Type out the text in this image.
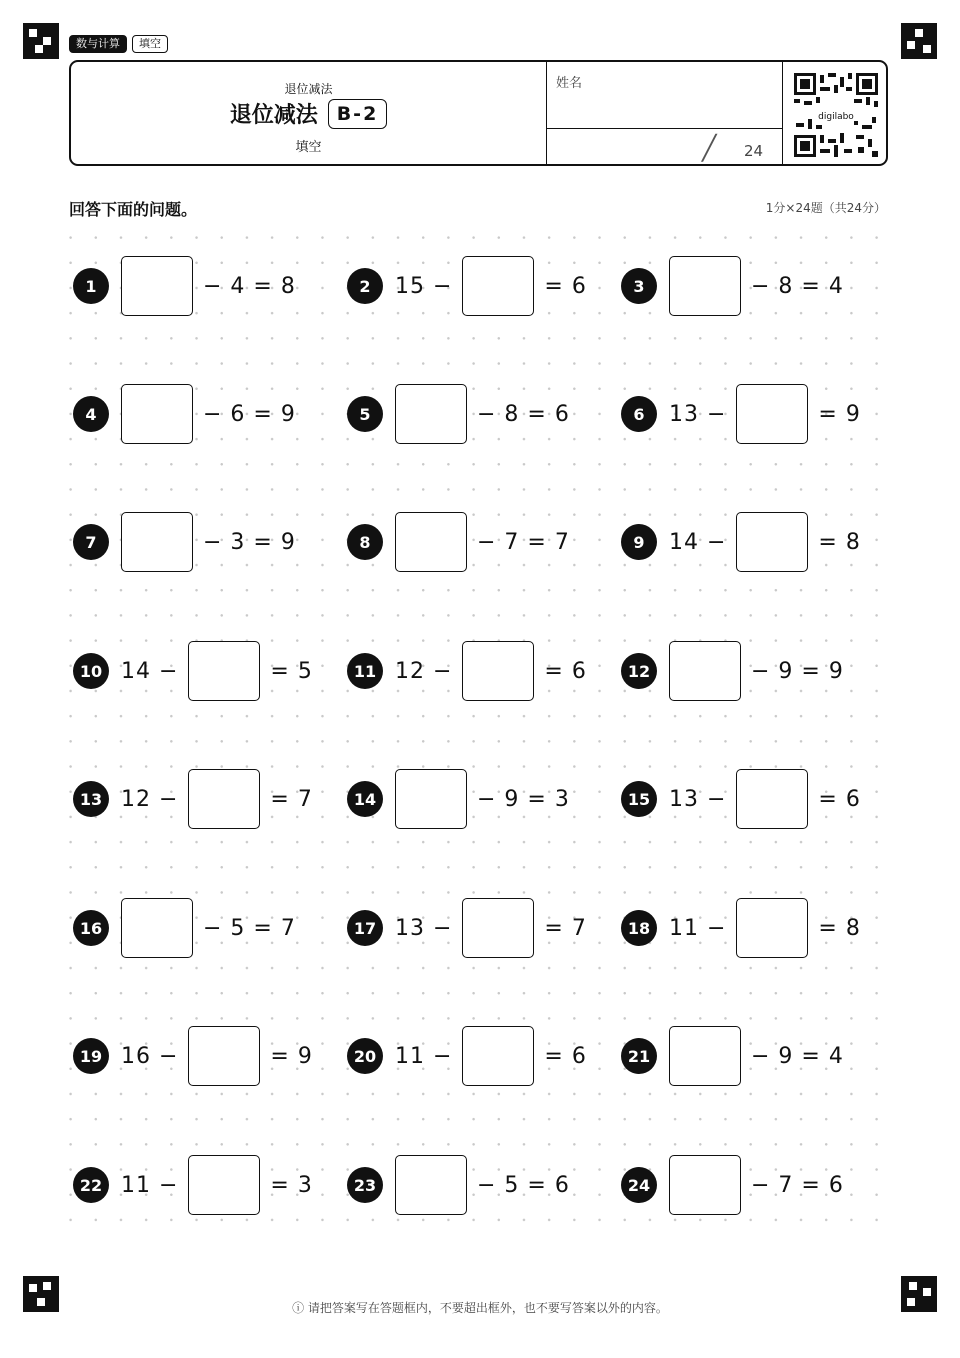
数与计算	填空
退位减法
退位减法	B-2
填空
姓名
╱ 24
digilabo
回答下面的问题。	1分×24题（共24分）
1	− 4 = 8	2	15 −	= 6	3	− 8 = 4
4	− 6 = 9	5	− 8 = 6	6	13 −	= 9
7	− 3 = 9	8	− 7 = 7	9	14 −	= 8
10 14 −	= 5	11 12 −	= 6	12	− 9 = 9
13 12 −	= 7	14	− 9 = 3	15 13 −	= 6
16	− 5 = 7	17 13 −	= 7	18 11 −	= 8
19 16 −	= 9	20 11 −	= 6	21	− 9 = 4
22 11 −	= 3	23	− 5 = 6	24	− 7 = 6
ⓘ 请把答案写在答题框内，不要超出框外，也不要写答案以外的内容。
